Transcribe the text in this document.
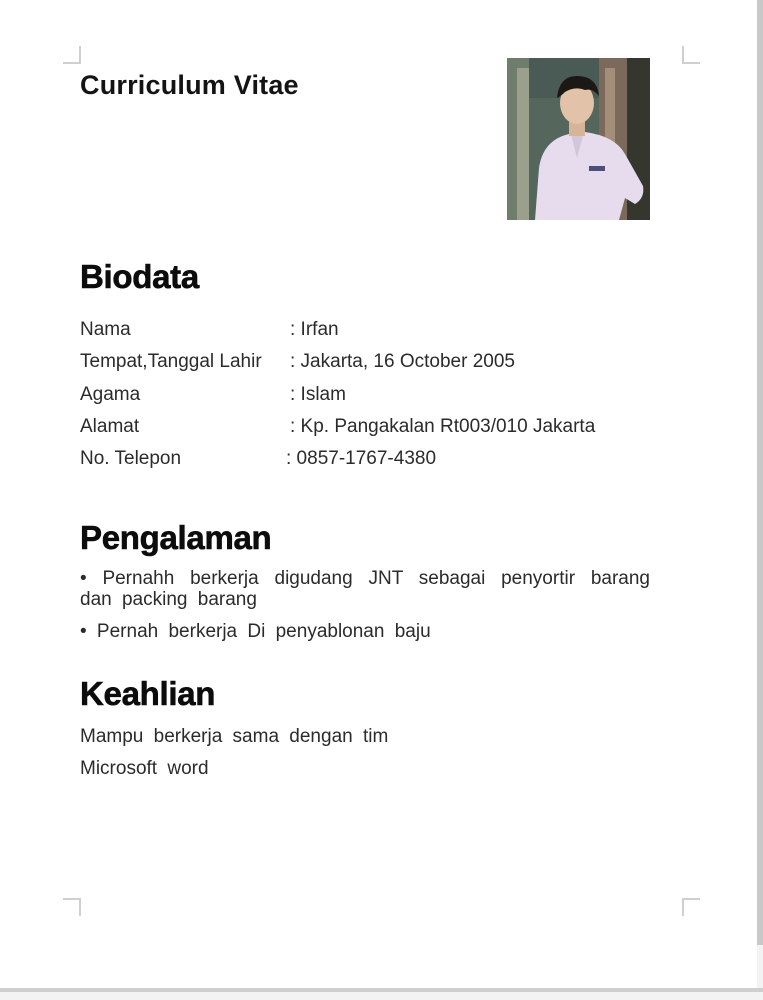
Curriculum Vitae
Biodata
Nama	: Irfan
Tempat,Tanggal Lahir : Jakarta, 16 October 2005
Agama	: Islam
Alamat	: Kp. Pangakalan Rt003/010 Jakarta
No. Telepon	: 0857-1767-4380
Pengalaman
• Pernahh berkerja digudang JNT sebagai penyortir barang dan packing barang
• Pernah berkerja Di penyablonan baju
Keahlian
Mampu berkerja sama dengan tim
Microsoft word
